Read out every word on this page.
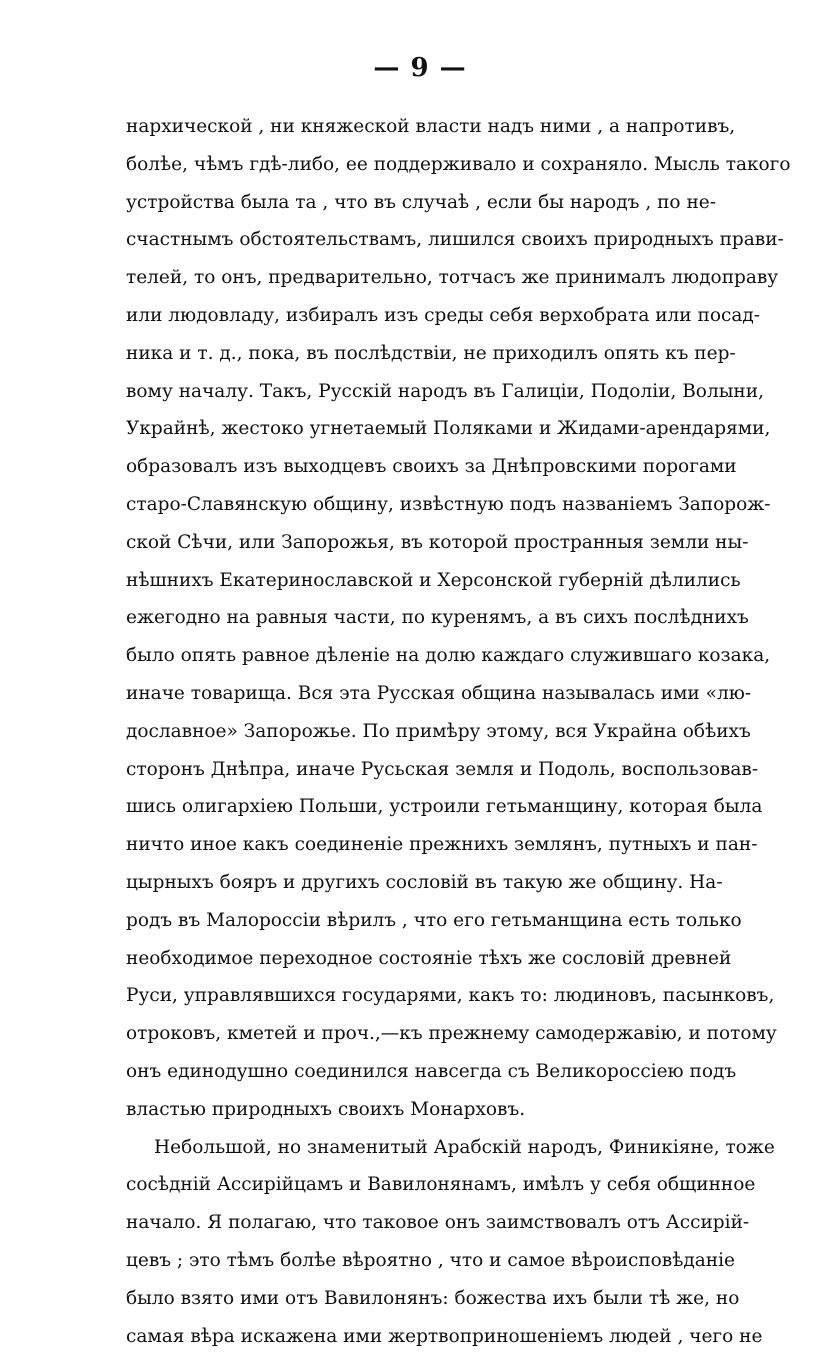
— 9 —
нархической , ни княжеской власти надъ ними , а напротивъ,
болѣе, чѣмъ гдѣ-либо, ее поддерживало и сохраняло. Мысль такого
устройства была та , что въ случаѣ , если бы народъ , по не-
счастнымъ обстоятельствамъ, лишился своихъ природныхъ прави-
телей, то онъ, предварительно, тотчасъ же принималъ людоправу
или людовладу, избиралъ изъ среды себя верхобрата или посад-
ника и т. д., пока, въ послѣдствіи, не приходилъ опять къ пер-
вому началу. Такъ, Русскій народъ въ Галиціи, Подоліи, Волыни,
Украйнѣ, жестоко угнетаемый Поляками и Жидами-арендарями,
образовалъ изъ выходцевъ своихъ за Днѣпровскими порогами
старо-Славянскую общину, извѣстную подъ названіемъ Запорож-
ской Сѣчи, или Запорожья, въ которой пространныя земли ны-
нѣшнихъ Екатеринославской и Херсонской губерній дѣлились
ежегодно на равныя части, по куренямъ, а въ сихъ послѣднихъ
было опять равное дѣленіе на долю каждаго служившаго козака,
иначе товарища. Вся эта Русская община называлась ими «лю-
дославное» Запорожье. По примѣру этому, вся Украйна обѣихъ
сторонъ Днѣпра, иначе Русьская земля и Подоль, воспользовав-
шись олигархіею Польши, устроили гетьманщину, которая была
ничто иное какъ соединеніе прежнихъ землянъ, путныхъ и пан-
цырныхъ бояръ и другихъ сословій въ такую же общину. На-
родъ въ Малороссіи вѣрилъ , что его гетьманщина есть только
необходимое переходное состояніе тѣхъ же сословій древней
Руси, управлявшихся государями, какъ то: людиновъ, пасынковъ,
отроковъ, кметей и проч.,—къ прежнему самодержавію, и потому
онъ единодушно соединился навсегда съ Великороссіею подъ
властью природныхъ своихъ Монарховъ.
Небольшой, но знаменитый Арабскій народъ, Финикіяне, тоже
сосѣдній Ассирійцамъ и Вавилонянамъ, имѣлъ у себя общинное
начало. Я полагаю, что таковое онъ заимствовалъ отъ Ассирій-
цевъ ; это тѣмъ болѣе вѣроятно , что и самое вѣроисповѣданіе
было взято ими отъ Вавилонянъ: божества ихъ были тѣ же, но
самая вѣра искажена ими жертвоприношеніемъ людей , чего не
